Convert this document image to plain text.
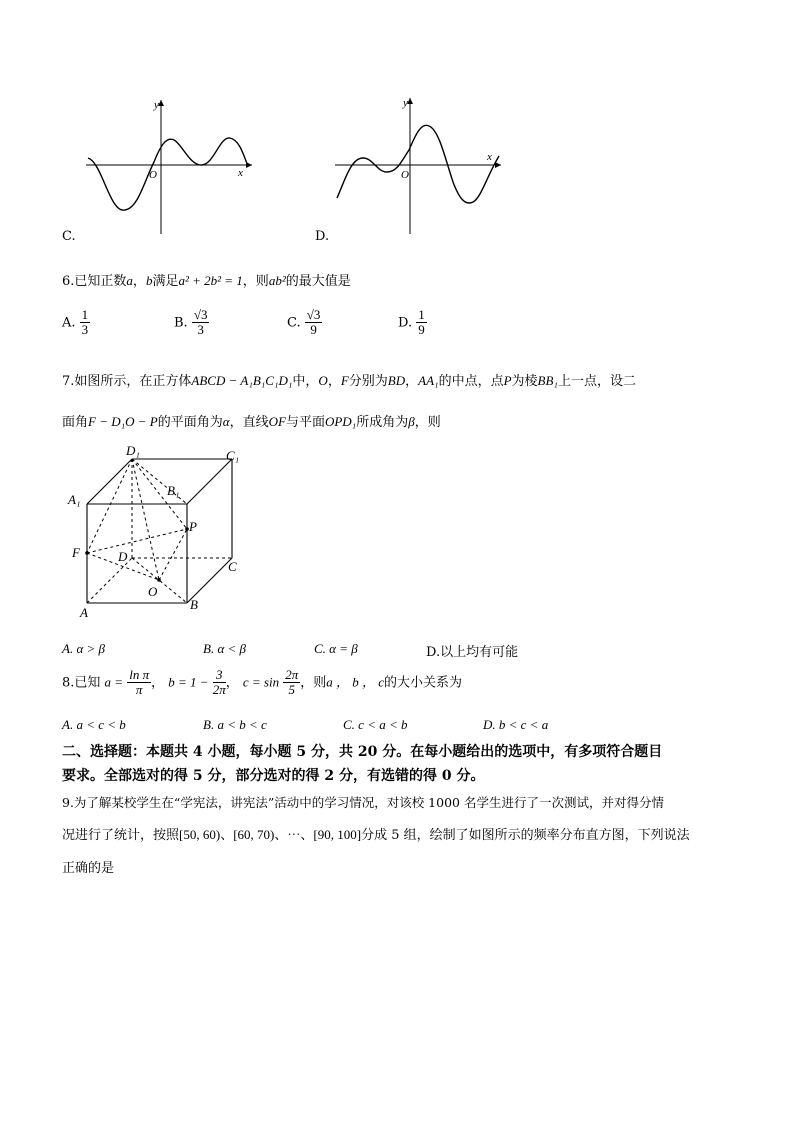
y
x
O
C.
y
x
O
D.
6.已知正数a，b满足a² + 2b² = 1，则ab²的最大值是
A. $\frac{1}{3}$	B. $\frac{√3}{3}$	C. $\frac{√3}{9}$	D. $\frac{1}{9}$
7.如图所示，在正方体ABCD − A₁B₁C₁D₁中，O，F分别为BD，AA₁的中点，点P为棱BB₁上一点，设二
面角F − D₁O − P的平面角为α，直线OF与平面OPD₁所成角为β，则
D₁	C₁
A₁
B₁
P
F	D
C
O
A
B
A. α > β	B. α < β	C. α = β	D.以上均有可能
8.已知 $a = \frac{\text{ln π}}{\pi}$ ， $b = 1 - \frac{3}{2\pi}$ ， $c = \sin \frac{2\pi}{5}$ ，则a ， b ， c的大小关系为
A. a < c < b	B. a < b < c	C. c < a < b	D. b < c < a
二、选择题：本题共 4 小题，每小题 5 分，共 20 分。在每小题给出的选项中，有多项符合题目
要求。全部选对的得 5 分，部分选对的得 2 分，有选错的得 0 分。
9.为了解某校学生在“学宪法，讲宪法”活动中的学习情况，对该校 1000 名学生进行了一次测试，并对得分情
况进行了统计，按照[50, 60)、[60, 70)、⋯、[90, 100]分成 5 组，绘制了如图所示的频率分布直方图，下列说法
正确的是
